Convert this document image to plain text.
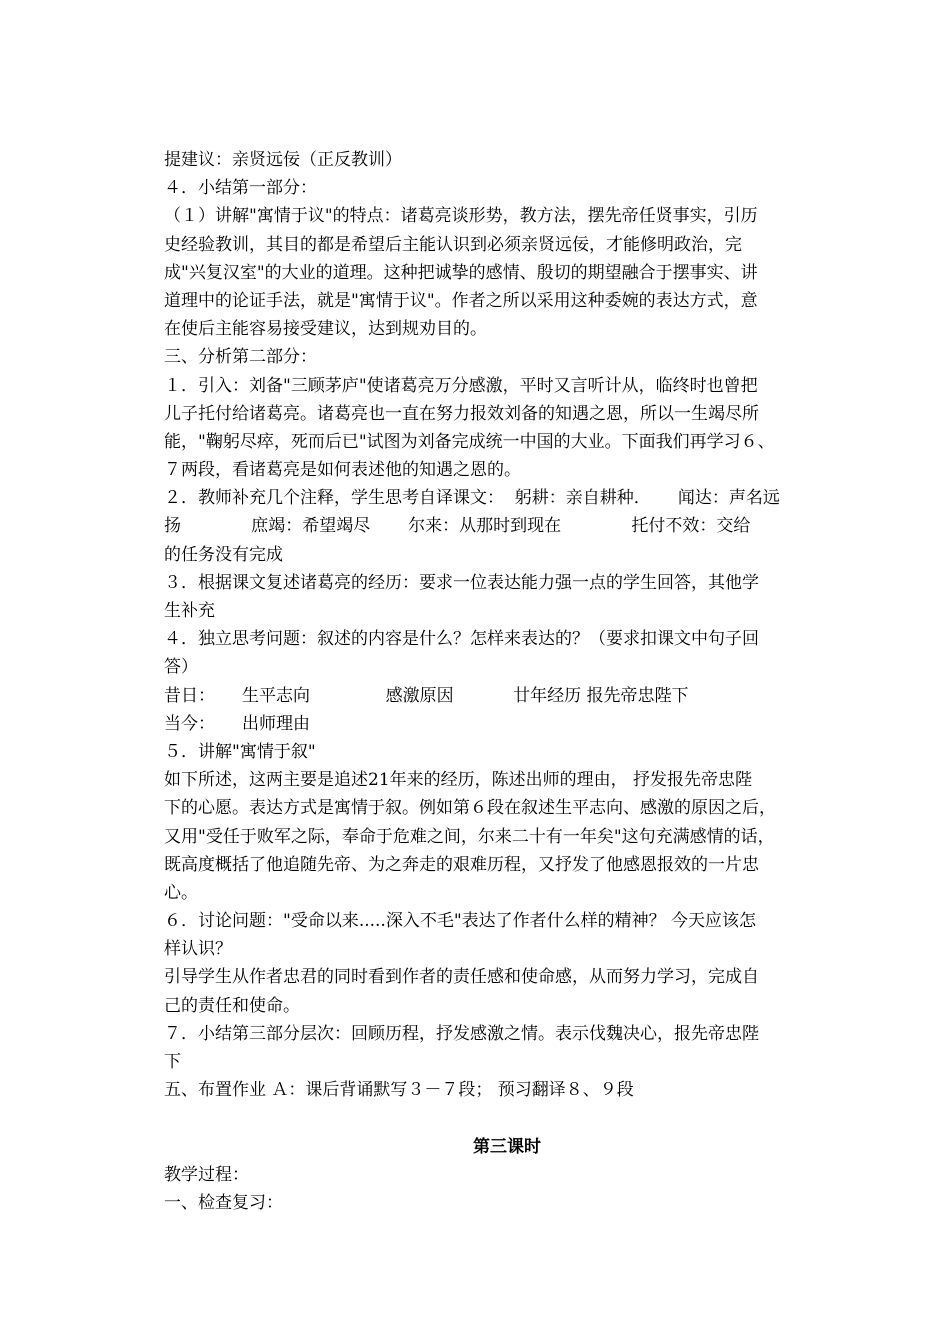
提建议：亲贤远佞（正反教训）
４．小结第一部分：
（１）讲解"寓情于议"的特点：诸葛亮谈形势，教方法，摆先帝任贤事实，引历
史经验教训，其目的都是希望后主能认识到必须亲贤远佞，才能修明政治，完
成"兴复汉室"的大业的道理。这种把诚挚的感情、殷切的期望融合于摆事实、讲
道理中的论证手法，就是"寓情于议"。作者之所以采用这种委婉的表达方式，意
在使后主能容易接受建议，达到规劝目的。
三、分析第二部分：
１．引入：刘备"三顾茅庐"使诸葛亮万分感激，平时又言听计从，临终时也曾把
儿子托付给诸葛亮。诸葛亮也一直在努力报效刘备的知遇之恩，所以一生竭尽所
能，"鞠躬尽瘁，死而后已"试图为刘备完成统一中国的大业。下面我们再学习６、
７两段，看诸葛亮是如何表述他的知遇之恩的。
２．教师补充几个注释，学生思考自译课文：  躬耕：亲自耕种．     闻达：声名远
扬             庶竭：希望竭尽       尔来：从那时到现在             托付不效：交给
的任务没有完成
３．根据课文复述诸葛亮的经历：要求一位表达能力强一点的学生回答，其他学
生补充
４．独立思考问题：叙述的内容是什么？怎样来表达的？（要求扣课文中句子回
答）
昔日：     生平志向              感激原因           廿年经历 报先帝忠陛下
当今：     出师理由
５．讲解"寓情于叙"
如下所述，这两主要是追述21年来的经历，陈述出师的理由， 抒发报先帝忠陛
下的心愿。表达方式是寓情于叙。例如第６段在叙述生平志向、感激的原因之后，
又用"受任于败军之际，奉命于危难之间，尔来二十有一年矣"这句充满感情的话，
既高度概括了他追随先帝、为之奔走的艰难历程，又抒发了他感恩报效的一片忠
心。
６．讨论问题："受命以来.....深入不毛"表达了作者什么样的精神？ 今天应该怎
样认识？
引导学生从作者忠君的同时看到作者的责任感和使命感，从而努力学习，完成自
己的责任和使命。
７．小结第三部分层次：回顾历程，抒发感激之情。表示伐魏决心，报先帝忠陛
下
五、布置作业 Ａ：课后背诵默写３－７段； 预习翻译８、９段
第三课时
教学过程：
一、检查复习：
